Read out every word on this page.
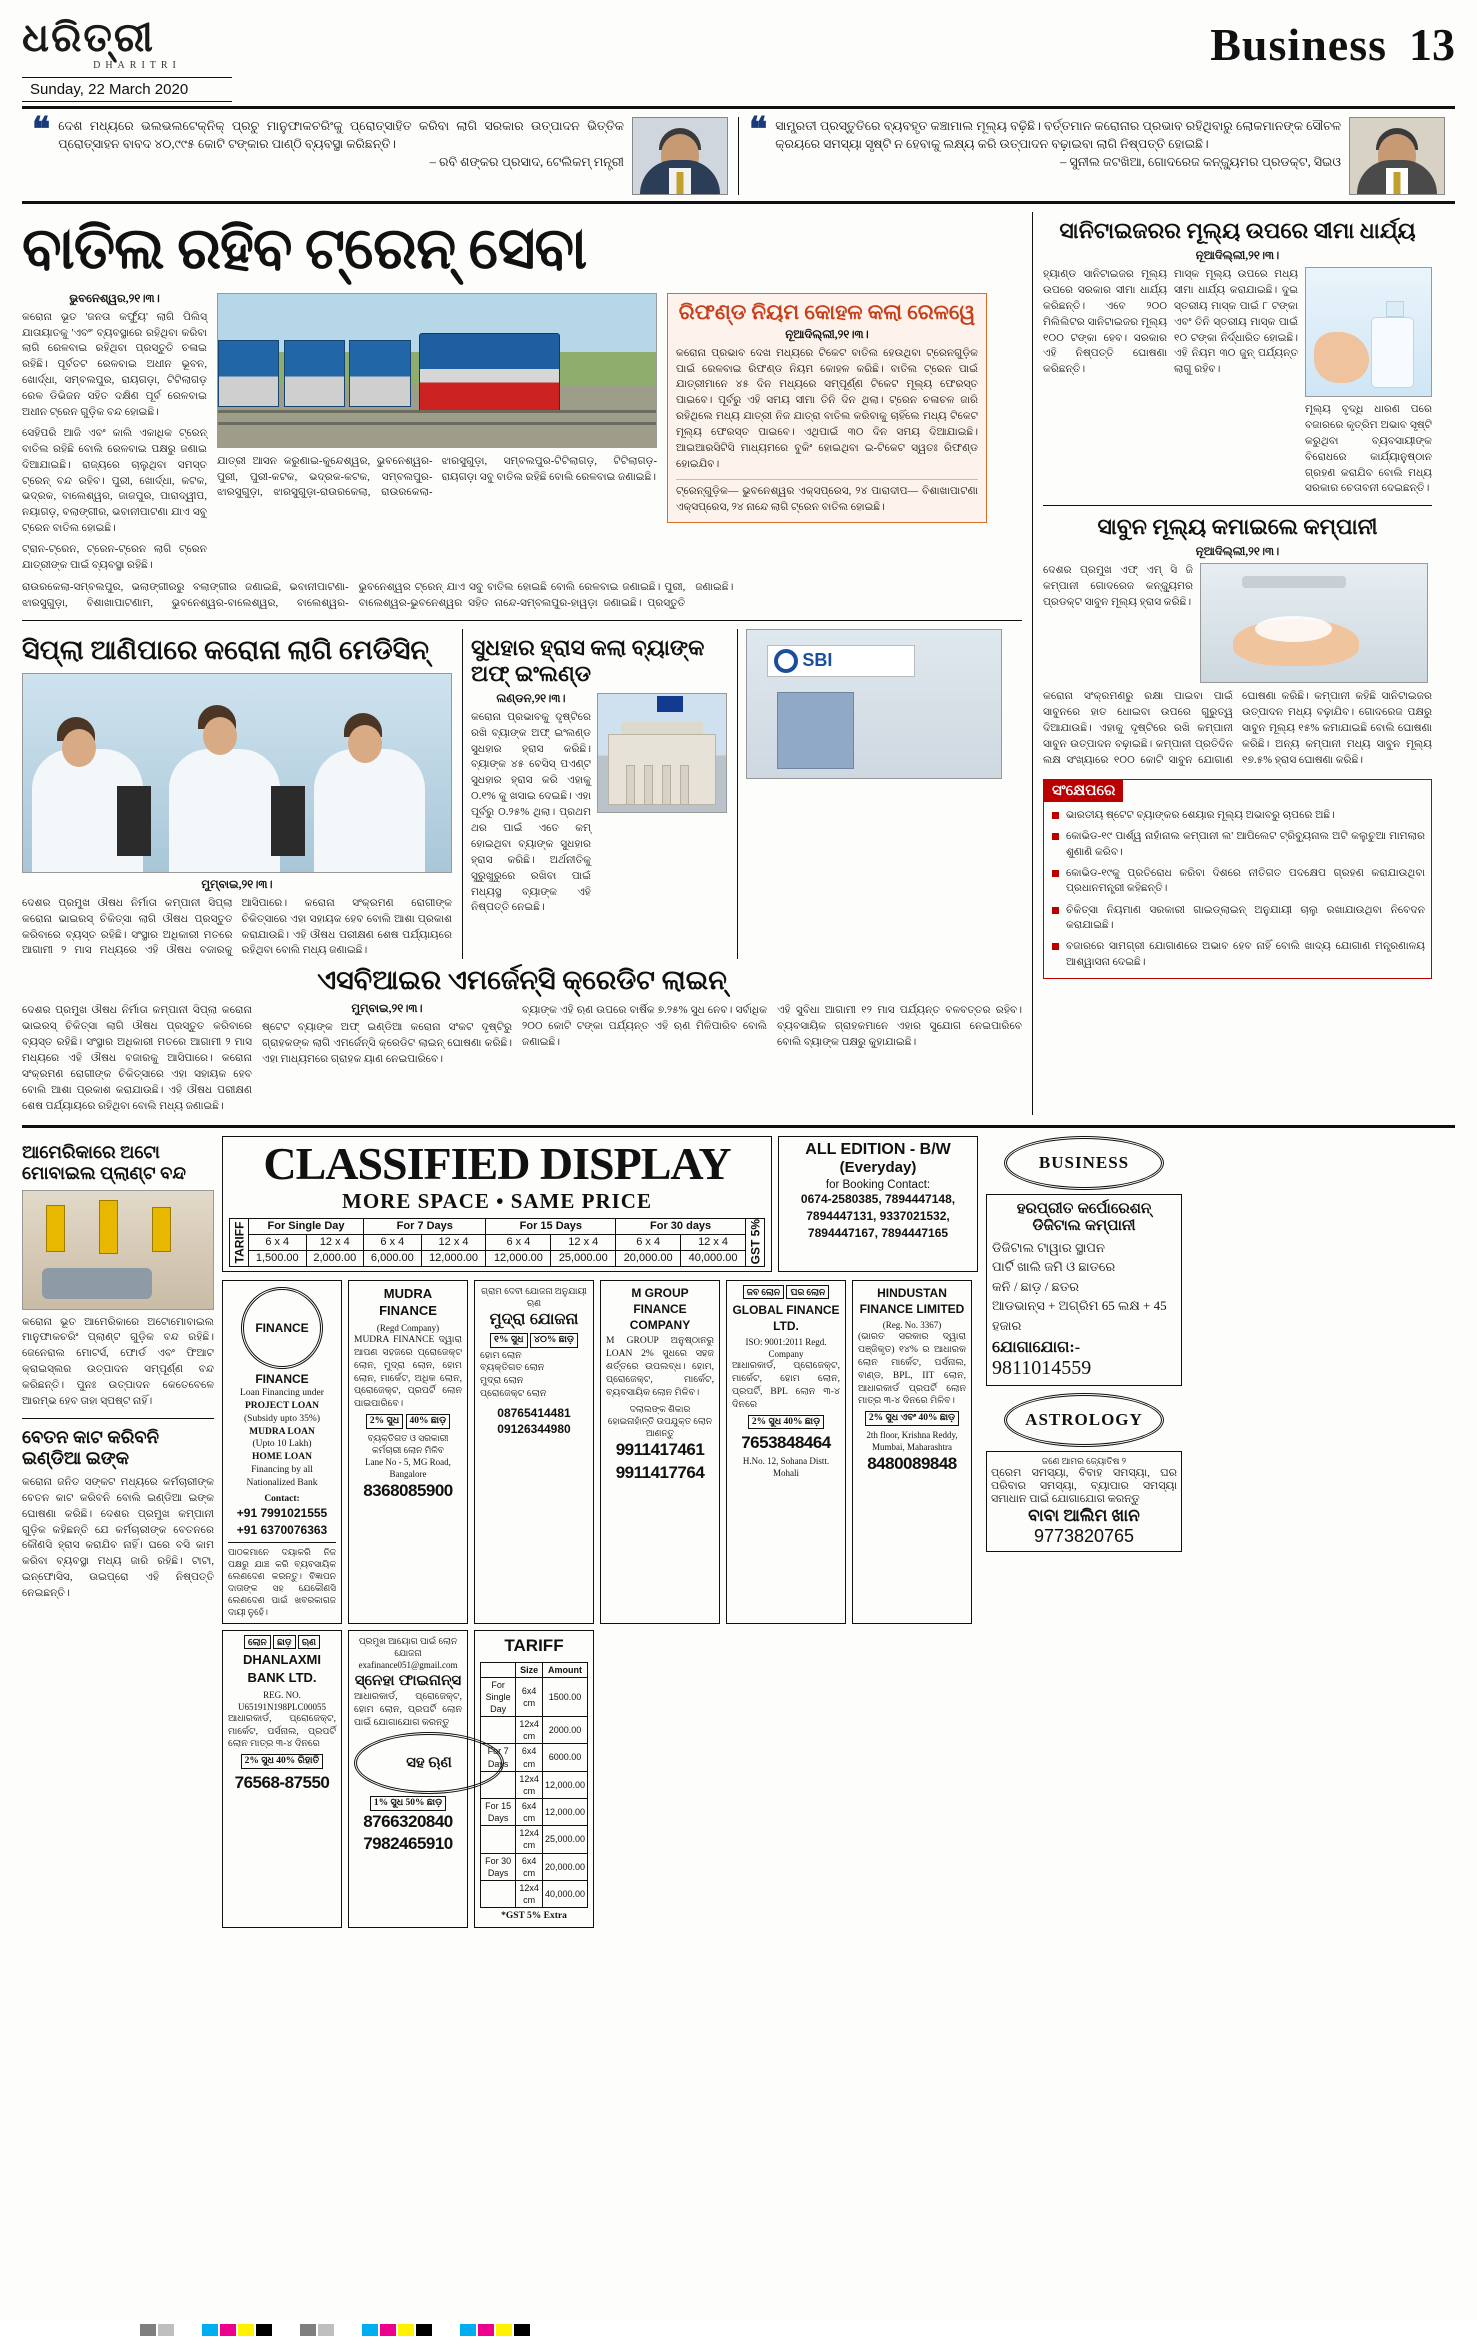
ଧରିତ୍ରୀ
DHARITRI
Sunday, 22 March 2020
Business 13
❝ ଦେଶ ମଧ୍ୟରେ ଭଲଭଲଟେକ୍ନିକ୍ ପ୍ରଚୁ ମାନୁଫାକଚରିଂକୁ ପ୍ରୋତ୍ସାହିତ କରିବା ଲାଗି ସରକାର ଉତ୍ପାଦନ ଭିତ୍ତିକ ପ୍ରୋତ୍ସାହନ ବାବଦ ୪୦,୯୯୫ କୋଟି ଟଙ୍କାର ପାଣ୍ଠି ବ୍ୟବସ୍ଥା କରିଛନ୍ତି।
– ରବି ଶଙ୍କର ପ୍ରସାଦ, ଟେଲିକମ୍ ମନ୍ତ୍ରୀ
❝ ସାମ୍ପ୍ରତୀ ପ୍ରସ୍ତୁତିରେ ବ୍ୟବହୃତ କଞ୍ଚାମାଲ ମୂଲ୍ୟ ବଢ଼ିଛି। ବର୍ତ୍ତମାନ କରୋନାର ପ୍ରଭାବ ରହିଥିବାରୁ ଲୋକମାନଙ୍କ ସୌଚଳ କ୍ରୟରେ ସମସ୍ୟା ସୃଷ୍ଟି ନ ହେବାକୁ ଲକ୍ଷ୍ୟ କରି ଉତ୍ପାଦନ ବଢ଼ାଇବା ଲାଗି ନିଷ୍ପତ୍ତି ହୋଇଛି।
– ସୁନୀଲ ଜଟଖିଆ, ଗୋଦରେଜ କନ୍ଜ୍ୟୁମର ପ୍ରଡକ୍ଟ, ସିଇଓ
ବାତିଲ ରହିବ ଟ୍ରେନ୍ ସେବା
ଭୁବନେଶ୍ୱର,୨୧।୩।
କରୋନା ଭୂତ 'ଜନତା କର୍ଫ୍ୟୁ' ଲାଗି ପିଲିସ୍ ଯାତାୟାତକୁ 'ଏବଂ' ବ୍ୟବସ୍ଥାରେ ରହିଥିବା କରିବା ଲାଗି ରେଳବାଇ ରହିଥିବା ପ୍ରସ୍ତୁତି ଚଳାଇ ରହିଛି। ପୂର୍ବତଟ ରେଳବାଇ ଅଧୀନ ଭୂବନ, ଖୋର୍ଦ୍ଧା, ସମ୍ବଲପୁର, ରାୟଗଡ଼ା, ଟିଟିଲାଗଡ଼ ରେଳ ଡିଭିଜନ ସହିତ ଦକ୍ଷିଣ ପୂର୍ବ ରେଳବାଇ ଅଧୀନ ଟ୍ରେନ ଗୁଡ଼ିକ ବନ୍ଦ ହୋଇଛି।
ସେହିପରି ଆଜି ଏବଂ କାଲି ଏକାଧିକ ଟ୍ରେନ୍ ବାତିଲ ରହିଛି ବୋଲି ରେଳବାଇ ପକ୍ଷରୁ ଜଣାଇ ଦିଆଯାଇଛି। ରାଜ୍ୟରେ ଚାଲୁଥିବା ସମସ୍ତ ଟ୍ରେନ୍ ବନ୍ଦ ରହିବ। ପୁରୀ, ଖୋର୍ଦ୍ଧା, କଟକ, ଭଦ୍ରକ, ବାଲେଶ୍ୱର, ଜାଜପୁର, ପାରାଦ୍ୱୀପ, ନୟାଗଡ଼, ବଲାଙ୍ଗୀର, ଭବାନୀପାଟଣା ଯାଏ ସବୁ ଟ୍ରେନ ବାତିଲ ହୋଇଛି।
ଟ୍ରାନ-ଟ୍ରେନ, ଟ୍ରେନ-ଟ୍ରେନ ଲାଗି ଟ୍ରେନ ଯାତ୍ରୀଙ୍କ ପାଇଁ ବ୍ୟବସ୍ଥା ରହିଛି।
ଯାତ୍ରୀ ଆସନ କରୁଣାଇ-କୁନ୍ଦେଶ୍ୱର, ଭୁବନେଶ୍ୱର-ପୁରୀ, ପୁରୀ-କଟକ, ଭଦ୍ରକ-କଟକ, ସମ୍ବଲପୁର-ଝାରସୁଗୁଡ଼ା, ଝାରସୁଗୁଡ଼ା-ରାଉରକେଲା, ରାଉରକେଲା-ଝାରସୁଗୁଡ଼ା, ସମ୍ବଲପୁର-ଟିଟିଲାଗଡ଼, ଟିଟିଲାଗଡ଼-ରାୟଗଡ଼ା ସବୁ ବାତିଲ ରହିଛି ବୋଲି ରେଳବାଇ ଜଣାଇଛି।
ରିଫଣ୍ଡ ନିୟମ କୋହଳ କଲା ରେଳୱେ
ନୂଆଦିଲ୍ଲୀ,୨୧।୩।
କରୋନା ପ୍ରଭାବ ଦେଖ ମଧ୍ୟରେ ଟିକେଟ ବାତିଲ ହେଉଥିବା ଟ୍ରେନଗୁଡ଼ିକ ପାଇଁ ରେଳବାଇ ରିଫଣ୍ଡ ନିୟମ କୋହଳ କରିଛି। ବାତିଲ ଟ୍ରେନ ପାଇଁ ଯାତ୍ରୀମାନେ ୪୫ ଦିନ ମଧ୍ୟରେ ସମ୍ପୂର୍ଣ୍ଣ ଟିକେଟ ମୂଲ୍ୟ ଫେରସ୍ତ ପାଇବେ। ପୂର୍ବରୁ ଏହି ସମୟ ସୀମା ତିନି ଦିନ ଥିଲା। ଟ୍ରେନ ଚଳାଚଳ ଜାରି ରହିଥିଲେ ମଧ୍ୟ ଯାତ୍ରୀ ନିଜ ଯାତ୍ରା ବାତିଲ କରିବାକୁ ଚାହିଁଲେ ମଧ୍ୟ ଟିକେଟ ମୂଲ୍ୟ ଫେରସ୍ତ ପାଇବେ। ଏଥିପାଇଁ ୩୦ ଦିନ ସମୟ ଦିଆଯାଇଛି। ଆଇଆରସିଟିସି ମାଧ୍ୟମରେ ବୁକିଂ ହୋଇଥିବା ଇ-ଟିକେଟ ସ୍ୱତଃ ରିଫଣ୍ଡ ହୋଇଯିବ।
ଟ୍ରେନ୍ଗୁଡ଼ିକ— ଭୁବନେଶ୍ୱର ଏକ୍ସପ୍ରେସ, ୨୪ ପାରାଦୀପ— ବିଶାଖାପାଟଣା ଏକ୍ସପ୍ରେସ, ୨୪ ନାନ୍ଦେ ଲାଗି ଟ୍ରେନ ବାତିଲ ହୋଇଛି।
ରାଉରକେଲା-ସମ୍ବଲପୁର, ଭଲାଙ୍ଗୀରରୁ ବଲାଙ୍ଗୀର ଜଣାଇଛି, ଭବାନୀପାଟଣା-ଝାରସୁଗୁଡ଼ା, ବିଶାଖାପାଟଣାମ, ଭୁବନେଶ୍ୱର-ବାଲେଶ୍ୱର, ବାଲେଶ୍ୱର-ଭୁବନେଶ୍ୱର ଟ୍ରେନ୍ ଯାଏ ସବୁ ବାତିଲ ହୋଇଛି ବୋଲି ରେଳବାଇ ଜଣାଇଛି। ପୁରୀ, ବାଲେଶ୍ୱର-ଭୁବନେଶ୍ୱର ସହିତ ନାନ୍ଦେ-ସମ୍ବଲପୁର-ହାୱଡ଼ା ଜଣାଇଛି। ପ୍ରସ୍ତୁତି ଜଣାଇଛି।
ସିପ୍ଲା ଆଣିପାରେ କରୋନା ଲାଗି ମେଡିସିନ୍
ମୁମ୍ବାଇ,୨୧।୩।
ଦେଶର ପ୍ରମୁଖ ଔଷଧ ନିର୍ମାତା କମ୍ପାନୀ ସିପ୍ଲା କରୋନା ଭାଇରସ୍ ଚିକିତ୍ସା ଲାଗି ଔଷଧ ପ୍ରସ୍ତୁତ କରିବାରେ ବ୍ୟସ୍ତ ରହିଛି। ସଂସ୍ଥାର ଅଧିକାରୀ ମତରେ ଆଗାମୀ ୨ ମାସ ମଧ୍ୟରେ ଏହି ଔଷଧ ବଜାରକୁ ଆସିପାରେ। କରୋନା ସଂକ୍ରମଣ ରୋଗୀଙ୍କ ଚିକିତ୍ସାରେ ଏହା ସହାୟକ ହେବ ବୋଲି ଆଶା ପ୍ରକାଶ କରାଯାଉଛି। ଏହି ଔଷଧ ପରୀକ୍ଷଣ ଶେଷ ପର୍ଯ୍ୟାୟରେ ରହିଥିବା ବୋଲି ମଧ୍ୟ ଜଣାଇଛି।
ସୁଧହାର ହ୍ରାସ କଲା ବ୍ୟାଙ୍କ ଅଫ୍ ଇଂଲଣ୍ଡ
ଲଣ୍ଡନ,୨୧।୩।
କରୋନା ପ୍ରଭାବକୁ ଦୃଷ୍ଟିରେ ରଖି ବ୍ୟାଙ୍କ ଅଫ୍ ଇଂଲଣ୍ଡ ସୁଧହାର ହ୍ରାସ କରିଛି। ବ୍ୟାଙ୍କ ୪୫ ବେସିସ୍ ପଏଣ୍ଟ ସୁଧହାର ହ୍ରାସ କରି ଏହାକୁ ୦.୧% କୁ ଖସାଇ ଦେଇଛି। ଏହା ପୂର୍ବରୁ ୦.୨୫% ଥିଲା। ପ୍ରଥମ ଥର ପାଇଁ ଏତେ କମ୍ ହୋଇଥିବା ବ୍ୟାଙ୍କ ସୁଧହାର ହ୍ରାସ କରିଛି। ଅର୍ଥନୀତିକୁ ସୁରୁଖୁରୁରେ ରଖିବା ପାଇଁ ମଧ୍ୟସ୍ଥ ବ୍ୟାଙ୍କ ଏହି ନିଷ୍ପତ୍ତି ନେଇଛି।
SBI
ଏସବିଆଇର ଏମର୍ଜେନ୍ସି କ୍ରେଡିଟ ଲାଇନ୍
ଦେଶର ପ୍ରମୁଖ ଔଷଧ ନିର୍ମାତା କମ୍ପାନୀ ସିପ୍ଲା କରୋନା ଭାଇରସ୍ ଚିକିତ୍ସା ଲାଗି ଔଷଧ ପ୍ରସ୍ତୁତ କରିବାରେ ବ୍ୟସ୍ତ ରହିଛି। ସଂସ୍ଥାର ଅଧିକାରୀ ମତରେ ଆଗାମୀ ୨ ମାସ ମଧ୍ୟରେ ଏହି ଔଷଧ ବଜାରକୁ ଆସିପାରେ। କରୋନା ସଂକ୍ରମଣ ରୋଗୀଙ୍କ ଚିକିତ୍ସାରେ ଏହା ସହାୟକ ହେବ ବୋଲି ଆଶା ପ୍ରକାଶ କରାଯାଉଛି। ଏହି ଔଷଧ ପରୀକ୍ଷଣ ଶେଷ ପର୍ଯ୍ୟାୟରେ ରହିଥିବା ବୋଲି ମଧ୍ୟ ଜଣାଇଛି।
ମୁମ୍ବାଇ,୨୧।୩।
ଷ୍ଟେଟ ବ୍ୟାଙ୍କ ଅଫ୍ ଇଣ୍ଡିଆ କରୋନା ସଂକଟ ଦୃଷ୍ଟିରୁ ଗ୍ରାହକଙ୍କ ଲାଗି ଏମର୍ଜେନ୍ସି କ୍ରେଡିଟ ଲାଇନ୍ ଘୋଷଣା କରିଛି। ଏହା ମାଧ୍ୟମରେ ଗ୍ରାହକ ୟାଣ ନେଇପାରିବେ।
ବ୍ୟାଙ୍କ ଏହି ଋଣ ଉପରେ ବାର୍ଷିକ ୭.୨୫% ସୁଧ ନେବ। ସର୍ବାଧିକ ୨୦୦ କୋଟି ଟଙ୍କା ପର୍ଯ୍ୟନ୍ତ ଏହି ଋଣ ମିଳିପାରିବ ବୋଲି ଜଣାଇଛି।
ଏହି ସୁବିଧା ଆଗାମୀ ୧୨ ମାସ ପର୍ଯ୍ୟନ୍ତ ବଳବତ୍ତର ରହିବ। ବ୍ୟବସାୟିକ ଗ୍ରାହକମାନେ ଏହାର ସୁଯୋଗ ନେଇପାରିବେ ବୋଲି ବ୍ୟାଙ୍କ ପକ୍ଷରୁ କୁହାଯାଇଛି।
ସାନିଟାଇଜରର ମୂଲ୍ୟ ଉପରେ ସୀମା ଧାର୍ଯ୍ୟ
ନୂଆଦିଲ୍ଲୀ,୨୧।୩।
ହ୍ୟାଣ୍ଡ ସାନିଟାଇଜର ମୂଲ୍ୟ ଉପରେ ସରକାର ସୀମା ଧାର୍ଯ୍ୟ କରିଛନ୍ତି। ଏବେ ୨୦୦ ମିଲିଲିଟର ସାନିଟାଇଜର ମୂଲ୍ୟ ୧୦୦ ଟଙ୍କା ହେବ। ସରକାର ଏହି ନିଷ୍ପତ୍ତି ଘୋଷଣା କରିଛନ୍ତି।
ମାସ୍କ ମୂଲ୍ୟ ଉପରେ ମଧ୍ୟ ସୀମା ଧାର୍ଯ୍ୟ କରାଯାଇଛି। ଦୁଇ ସ୍ତରୀୟ ମାସ୍କ ପାଇଁ ୮ ଟଙ୍କା ଏବଂ ତିନି ସ୍ତରୀୟ ମାସ୍କ ପାଇଁ ୧୦ ଟଙ୍କା ନିର୍ଦ୍ଧାରିତ ହୋଇଛି। ଏହି ନିୟମ ୩୦ ଜୁନ୍ ପର୍ଯ୍ୟନ୍ତ ଲାଗୁ ରହିବ।
ମୂଲ୍ୟ ବୃଦ୍ଧି ଧାରଣ ପରେ ବଜାରରେ କୃତ୍ରିମ ଅଭାବ ସୃଷ୍ଟି କରୁଥିବା ବ୍ୟବସାୟୀଙ୍କ ବିରୋଧରେ କାର୍ଯ୍ୟାନୁଷ୍ଠାନ ଗ୍ରହଣ କରାଯିବ ବୋଲି ମଧ୍ୟ ସରକାର ଚେତାବନୀ ଦେଇଛନ୍ତି।
ସାବୁନ ମୂଲ୍ୟ କମାଇଲେ କମ୍ପାନୀ
ନୂଆଦିଲ୍ଲୀ,୨୧।୩।
ଦେଶର ପ୍ରମୁଖ ଏଫ୍ ଏମ୍ ସି ଜି କମ୍ପାନୀ ଗୋଦରେଜ କନ୍ଜ୍ୟୁମର ପ୍ରଡକ୍ଟ ସାବୁନ ମୂଲ୍ୟ ହ୍ରାସ କରିଛି।
କରୋନା ସଂକ୍ରମଣରୁ ରକ୍ଷା ପାଇବା ପାଇଁ ସାବୁନରେ ହାତ ଧୋଇବା ଉପରେ ଗୁରୁତ୍ୱ ଦିଆଯାଉଛି। ଏହାକୁ ଦୃଷ୍ଟିରେ ରଖି କମ୍ପାନୀ ସାବୁନ ଉତ୍ପାଦନ ବଢ଼ାଇଛି। କମ୍ପାନୀ ପ୍ରତିଦିନ ଲକ୍ଷ ସଂଖ୍ୟାରେ ୧୦୦ କୋଟି ସାବୁନ ଯୋଗାଣ ଘୋଷଣା କରିଛି। କମ୍ପାନୀ କହିଛି ସାନିଟାଇଜର ଉତ୍ପାଦନ ମଧ୍ୟ ବଢ଼ାଯିବ। ଗୋଦରେଜ ପକ୍ଷରୁ ସାବୁନ ମୂଲ୍ୟ ୧୫% କମାଯାଇଛି ବୋଲି ଘୋଷଣା କରିଛି। ଅନ୍ୟ କମ୍ପାନୀ ମଧ୍ୟ ସାବୁନ ମୂଲ୍ୟ ୧୭.୫% ହ୍ରାସ ଘୋଷଣା କରିଛି।
ସଂକ୍ଷେପରେ
ଭାରତୀୟ ଷ୍ଟେଟ ବ୍ୟାଙ୍କର ଶେୟାର ମୂଲ୍ୟ ଅଭାବରୁ ଚାପରେ ଅଛି।
କୋଭିଡ-୧୯ ପାର୍ଶ୍ୱ ନାହାଁନାଲ କମ୍ପାନୀ ଲ' ଆପିଲେଟ ଟ୍ରିବ୍ୟୁନାଲ ଅଟି କଲୁଚୁଆ ମାମଲାର ଶୁଣାଣି କରିବ।
କୋଭିଡ-୧୯କୁ ପ୍ରତିରୋଧ କରିବା ଦିଶରେ ନୀତିଗତ ପଦକ୍ଷେପ ଗ୍ରହଣ କରାଯାଉଥିବା ପ୍ରଧାନମନ୍ତ୍ରୀ କହିଛନ୍ତି।
ଚିକିତ୍ସା ନିୟମାଣ ସରକାରୀ ଗାଇଡ୍ଲାଇନ୍ ଅନୁଯାୟୀ ଚାଲୁ ରଖାଯାଉଥିବା ନିବେଦନ କରାଯାଇଛି।
ବଜାରରେ ସାମଗ୍ରୀ ଯୋଗାଣରେ ଅଭାବ ହେବ ନାହିଁ ବୋଲି ଖାଦ୍ୟ ଯୋଗାଣ ମନ୍ତ୍ରଣାଳୟ ଆଶ୍ୱାସନା ଦେଇଛି।
ଆମେରିକାରେ ଅଟୋ ମୋବାଇଲ ପ୍ଲାଣ୍ଟ ବନ୍ଦ
କରୋନା ଭୂତ ଆମେରିକାରେ ଅଟୋମୋବାଇଲ ମାନୁଫାକଚରିଂ ପ୍ଲାଣ୍ଟ ଗୁଡ଼ିକ ବନ୍ଦ ରହିଛି। ଜେନେରାଲ ମୋଟର୍ସ, ଫୋର୍ଡ ଏବଂ ଫିଆଟ କ୍ରାଇସ୍ଲର ଉତ୍ପାଦନ ସମ୍ପୂର୍ଣ୍ଣ ବନ୍ଦ କରିଛନ୍ତି। ପୁନଃ ଉତ୍ପାଦନ କେତେବେଳେ ଆରମ୍ଭ ହେବ ତାହା ସ୍ପଷ୍ଟ ନାହିଁ।
ବେତନ କାଟ କରିବନି ଇଣ୍ଡିଆ ଇଙ୍କ
କରୋନା ଜନିତ ସଙ୍କଟ ମଧ୍ୟରେ କର୍ମଚାରୀଙ୍କ ବେତନ କାଟ କରିବନି ବୋଲି ଇଣ୍ଡିଆ ଇଙ୍କ ଘୋଷଣା କରିଛି। ଦେଶର ପ୍ରମୁଖ କମ୍ପାନୀ ଗୁଡ଼ିକ କହିଛନ୍ତି ଯେ କର୍ମଚାରୀଙ୍କ ବେତନରେ କୌଣସି ହ୍ରାସ କରାଯିବ ନାହିଁ। ଘରେ ବସି କାମ କରିବା ବ୍ୟବସ୍ଥା ମଧ୍ୟ ଜାରି ରହିଛି। ଟାଟା, ଇନ୍ଫୋସିସ, ଉଇପ୍ରୋ ଏହି ନିଷ୍ପତ୍ତି ନେଇଛନ୍ତି।
CLASSIFIED DISPLAY
MORE SPACE • SAME PRICE
TARIFF	For Single Day		For 7 Days		For 15 Days		For 30 days		GST 5%
	6 x 4	12 x 4	6 x 4	12 x 4	6 x 4	12 x 4	6 x 4	12 x 4	
	1,500.00	2,000.00	6,000.00	12,000.00	12,000.00	25,000.00	20,000.00	40,000.00	
ALL EDITION - B/W
(Everyday)
for Booking Contact:
0674-2580385, 7894447148, 7894447131, 9337021532, 7894447167, 7894447165
FINANCE
FINANCE
Loan Financing under
PROJECT LOAN
(Subsidy upto 35%)
MUDRA LOAN
(Upto 10 Lakh)
HOME LOAN
Financing by all
Nationalized Bank
Contact:
+91 7991021555
+91 6370076363
ପାଠକମାନେ ଦୟାକରି ନିଜ ପକ୍ଷରୁ ଯାଞ୍ଚ କରି ବ୍ୟବସାୟିକ ଲେଣଦେଣ କରନ୍ତୁ। ବିଜ୍ଞାପନ ଦାତାଙ୍କ ସହ ଯେକୌଣସି ଲେଣଦେଣ ପାଇଁ ଖବରକାଗଜ ଦାୟୀ ନୁହେଁ।
MUDRA FINANCE
(Regd Company)
MUDRA FINANCE ଦ୍ୱାରା ଆପଣ ସହଜରେ ପ୍ରୋଜେକ୍ଟ ଲୋନ, ମୁଦ୍ରା ଲୋନ, ହୋମ ଲୋନ, ମାର୍କେଟ, ଅଧିକ ଲୋନ, ପ୍ରୋଜେକ୍ଟ, ପ୍ରପର୍ଟି ଲୋନ ପାଇପାରିବେ।
2% ସୁଧ 40% ଛାଡ଼
ବ୍ୟକ୍ତିଗତ ଓ ସରକାରୀ କର୍ମଚାରୀ ଲୋନ ମିଳିବ
Lane No - 5, MG Road, Bangalore
8368085900
ଗ୍ରାମ ଦେବୀ ଯୋଜନା ଅନୁଯାୟୀ ଋଣ
ମୁଦ୍ରା ଯୋଜନା
୧% ସୁଧ ୪୦% ଛାଡ଼
ହୋମ ଲୋନ
ବ୍ୟକ୍ତିଗତ ଲୋନ
ମୁଦ୍ରା ଲୋନ
ପ୍ରୋଜେକ୍ଟ ଲୋନ
08765414481
09126344980
M GROUP FINANCE COMPANY
M GROUP ଅନୁଷ୍ଠାନରୁ LOAN 2% ସୁଧରେ ସହଜ ଶର୍ତ୍ତରେ ଉପଲବ୍ଧ। ହୋମ, ପ୍ରୋଜେକ୍ଟ, ମାର୍କେଟ, ବ୍ୟବସାୟିକ ଲୋନ ମିଳିବ।
ଦଲାଲଙ୍କ ଶିକାର ହୋଇନାହାଁନ୍ତି ଉପଯୁକ୍ତ ଲୋନ ଆଣନ୍ତୁ
9911417461
9911417764
ଜବ ଲୋନ ଘର ଲୋନ
GLOBAL FINANCE LTD.
ISO: 9001:2011 Regd. Company
ଆଧାରକାର୍ଡ, ପ୍ରୋଜେକ୍ଟ, ମାର୍କେଟ, ହୋମ ଲୋନ, ପ୍ରପର୍ଟି, BPL ଲୋନ ୩-୪ ଦିନରେ
2% ସୁଧ 40% ଛାଡ଼
7653848464
H.No. 12, Sohana Distt. Mohali
HINDUSTAN FINANCE LIMITED
(Reg. No. 3367)
(ଭାରତ ସରକାର ଦ୍ୱାରା ପଞ୍ଜିକୃତ) ୧୪% ର ଆଧାରକ ଲୋନ ମାର୍କେଟ, ପର୍ସନାଲ, ବାଣ୍ଡ, BPL, IIT ଲୋନ, ଆଧାରକାର୍ଡ ପ୍ରପର୍ଟି ଲୋନ ମାତ୍ର ୩-୪ ଦିନରେ ମିଳିବ।
2% ସୁଧ ଏବଂ 40% ଛାଡ଼
2th floor, Krishna Reddy, Mumbai, Maharashtra
8480089848
ଲୋନ ଛାଡ଼ ଋଣ
DHANLAXMI BANK LTD.
REG. NO. U65191N198PLC00055
ଆଧାରକାର୍ଡ, ପ୍ରୋଜେକ୍ଟ, ମାର୍କେଟ, ପର୍ସନାଲ, ପ୍ରପର୍ଟି ଲୋନ ମାତ୍ର ୩-୪ ଦିନରେ
2% ସୁଧ 40% ରିହାତି
76568-87550
ପ୍ରମୁଖ ଆୟୋଗ ପାଇଁ ଲୋନ ଯୋଜନା
exafinance051@gmail.com
ସ୍ନେହା ଫାଇନାନ୍ସ
ଆଧାରକାର୍ଡ, ପ୍ରୋଜେକ୍ଟ, ହୋମ ଲୋନ, ପ୍ରପର୍ଟି ଲୋନ ପାଇଁ ଯୋଗାଯୋଗ କରନ୍ତୁ
ସହ ଋଣ
1% ସୁଧ 50% ଛାଡ଼
8766320840
7982465910
TARIFF
	Size	Amount
For Single Day	6x4 cm	1500.00
	12x4 cm	2000.00
For 7 Days	6x4 cm	6000.00
	12x4 cm	12,000.00
For 15 Days	6x4 cm	12,000.00
	12x4 cm	25,000.00
For 30 Days	6x4 cm	20,000.00
	12x4 cm	40,000.00
*GST 5% Extra
BUSINESS
ହରପ୍ରୀତ କର୍ପୋରେଶନ୍ ଡିଜିଟାଲ କମ୍ପାନୀ
ଡିଜିଟାଲ ଟାୱାର ସ୍ଥାପନ
ପାର୍ଟି ଖାଲି ଜମି ଓ ଛାତରେ
କନି / ଛାଡ଼ / ଛତର
ଆଡଭାନ୍ସ + ଅଗ୍ରିମ 65 ଲକ୍ଷ + 45 ହଜାର
ଯୋଗାଯୋଗ:-
9811014559
ASTROLOGY
ଜଣେ ଆମର ଜ୍ୟୋତିଷ ୨
ପ୍ରେମ ସମସ୍ୟା, ବିବାହ ସମସ୍ୟା, ଘର ପରିବାର ସମସ୍ୟା, ବ୍ୟାପାର ସମସ୍ୟା ସମାଧାନ ପାଇଁ ଯୋଗାଯୋଗ କରନ୍ତୁ
ବାବା ଆଲିମ ଖାନ
9773820765
